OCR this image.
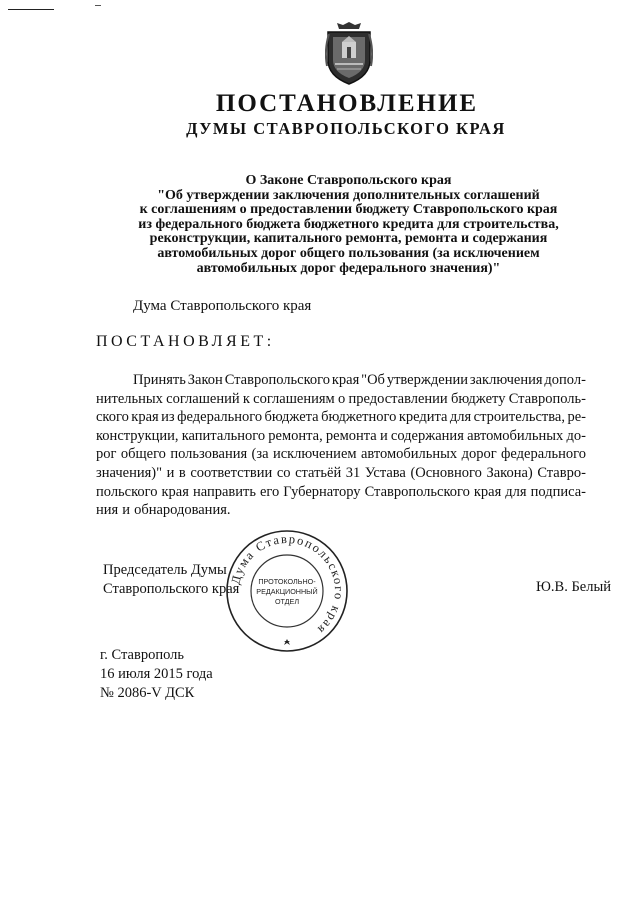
ПОСТАНОВЛЕНИЕ
ДУМЫ СТАВРОПОЛЬСКОГО КРАЯ
О Законе Ставропольского края
"Об утверждении заключения дополнительных соглашений
к соглашениям о предоставлении бюджету Ставропольского края
из федерального бюджета бюджетного кредита для строительства,
реконструкции, капитального ремонта, ремонта и содержания
автомобильных дорог общего пользования (за исключением
автомобильных дорог федерального значения)"
Дума Ставропольского края
ПОСТАНОВЛЯЕТ:
Принять Закон Ставропольского края "Об утверждении заключения допол-
нительных соглашений к соглашениям о предоставлении бюджету Ставрополь-
ского края из федерального бюджета бюджетного кредита для строительства, ре-
конструкции, капитального ремонта, ремонта и содержания автомобильных до-
рог общего пользования (за исключением автомобильных дорог федерального
значения)" и в соответствии со статьёй 31 Устава (Основного Закона) Ставро-
польского края направить его Губернатору Ставропольского края для подписа-
ния и обнародования.
Председатель Думы
Ставропольского края	Ю.В. Белый
Дума Ставропольского края
ПРОТОКОЛЬНО-
РЕДАКЦИОННЫЙ
ОТДЕЛ
г. Ставрополь
16 июля 2015 года
№ 2086-V ДСК
